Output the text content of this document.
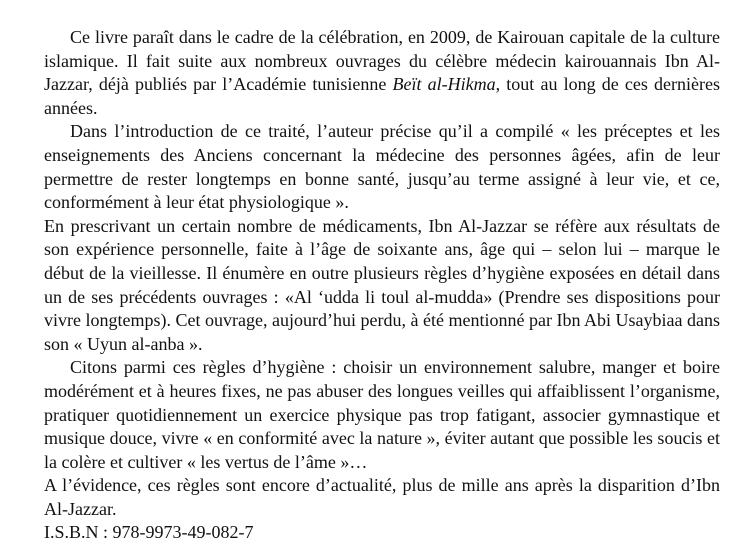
Ce livre paraît dans le cadre de la célébration, en 2009, de Kairouan capitale de la culture islamique. Il fait suite aux nombreux ouvrages du célèbre médecin kairouannais Ibn Al-Jazzar, déjà publiés par l’Académie tunisienne Beït al-Hikma, tout au long de ces dernières années.

Dans l’introduction de ce traité, l’auteur précise qu’il a compilé « les préceptes et les enseignements des Anciens concernant la médecine des personnes âgées, afin de leur permettre de rester longtemps en bonne santé, jusqu’au terme assigné à leur vie, et ce, conformément à leur état physiologique ».

En prescrivant un certain nombre de médicaments, Ibn Al-Jazzar se réfère aux résultats de son expérience personnelle, faite à l’âge de soixante ans, âge qui – selon lui – marque le début de la vieillesse. Il énumère en outre plusieurs règles d’hygiène exposées en détail dans un de ses précédents ouvrages : «Al ‘udda li toul al-mudda» (Prendre ses dispositions pour vivre longtemps). Cet ouvrage, aujourd’hui perdu, à été mentionné par Ibn Abi Usaybiaa dans son « Uyun al-anba ».

Citons parmi ces règles d’hygiène : choisir un environnement salubre, manger et boire modérément et à heures fixes, ne pas abuser des longues veilles qui affaiblissent l’organisme, pratiquer quotidiennement un exercice physique pas trop fatigant, associer gymnastique et musique douce, vivre « en conformité avec la nature », éviter autant que possible les soucis et la colère et cultiver « les vertus de l’âme »…

A l’évidence, ces règles sont encore d’actualité, plus de mille ans après la disparition d’Ibn Al-Jazzar.

I.S.B.N : 978-9973-49-082-7
